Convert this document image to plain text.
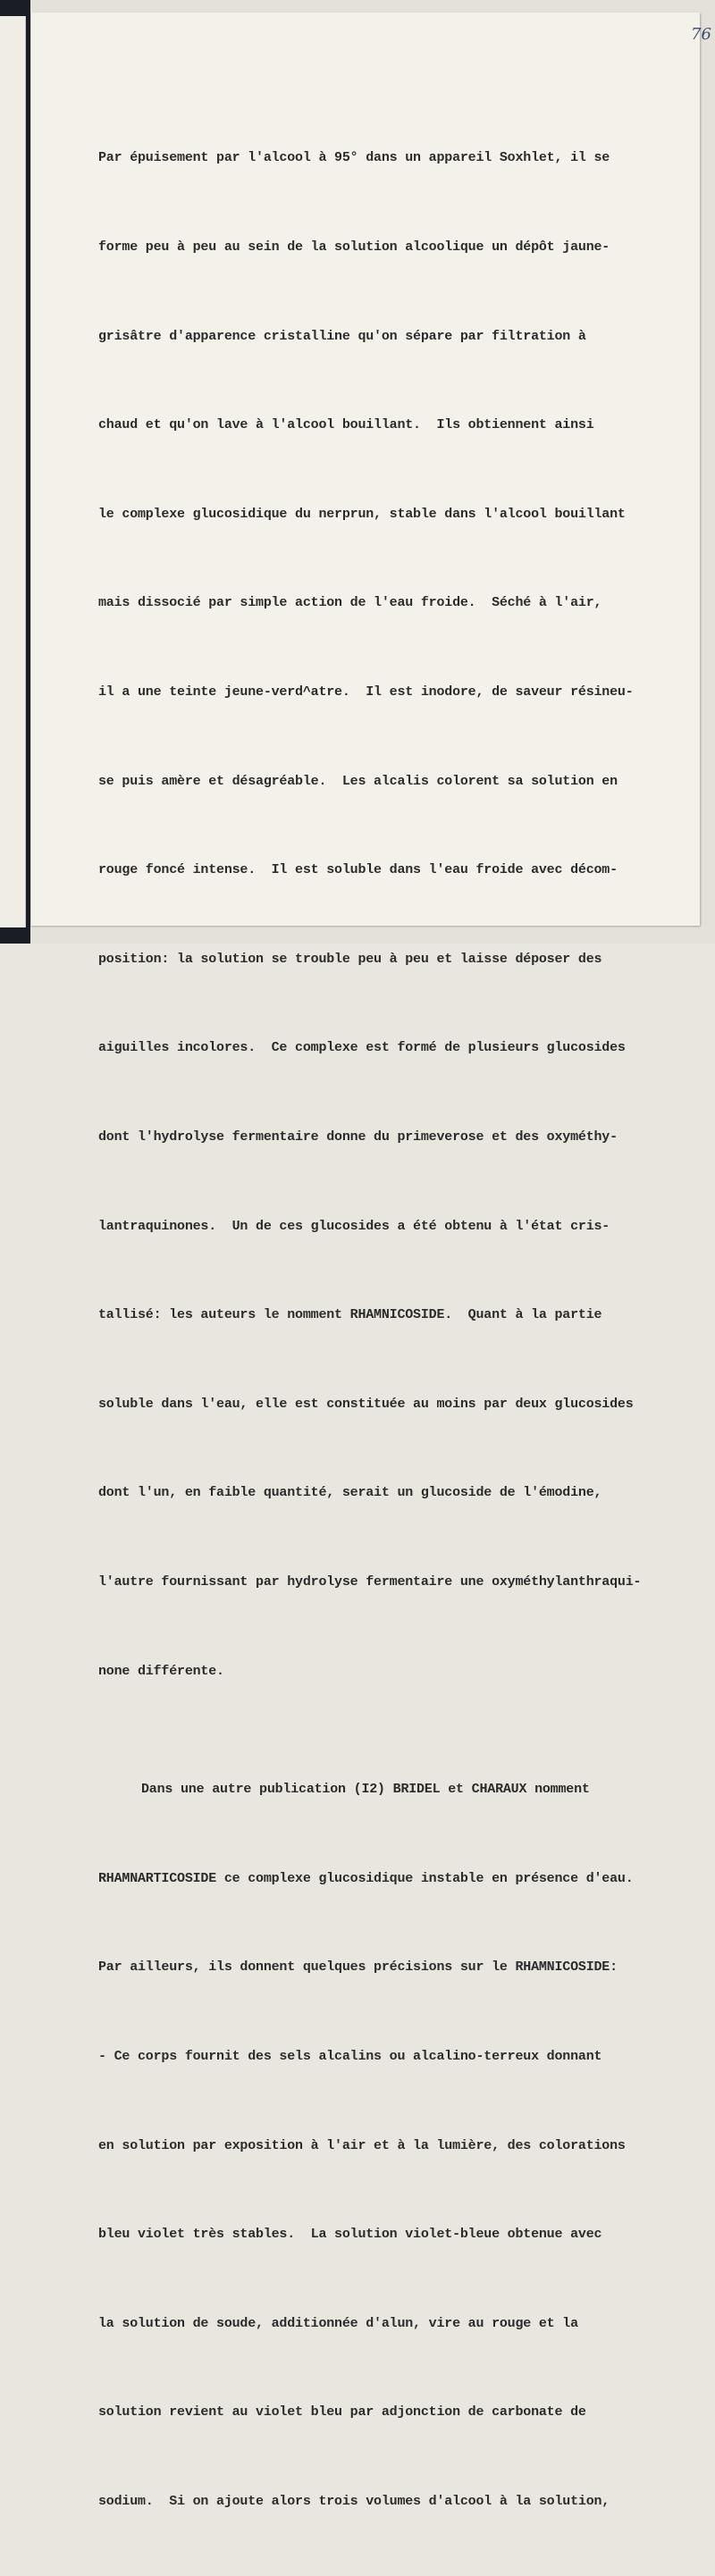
76

Par épuisement par l'alcool à 95° dans un appareil Soxhlet, il se

forme peu à peu au sein de la solution alcoolique un dépôt jaune-

grisâtre d'apparence cristalline qu'on sépare par filtration à

chaud et qu'on lave à l'alcool bouillant.  Ils obtiennent ainsi

le complexe glucosidique du nerprun, stable dans l'alcool bouillant

mais dissocié par simple action de l'eau froide.  Séché à l'air,

il a une teinte jeune-verd^atre.  Il est inodore, de saveur résineu-

se puis amère et désagréable.  Les alcalis colorent sa solution en

rouge foncé intense.  Il est soluble dans l'eau froide avec décom-

position: la solution se trouble peu à peu et laisse déposer des

aiguilles incolores.  Ce complexe est formé de plusieurs glucosides

dont l'hydrolyse fermentaire donne du primeverose et des oxyméthy-

lantraquinones.  Un de ces glucosides a été obtenu à l'état cris-

tallisé: les auteurs le nomment RHAMNICOSIDE.  Quant à la partie

soluble dans l'eau, elle est constituée au moins par deux glucosides

dont l'un, en faible quantité, serait un glucoside de l'émodine,

l'autre fournissant par hydrolyse fermentaire une oxyméthylanthraqui-

none différente.

Dans une autre publication (I2) BRIDEL et CHARAUX nomment

RHAMNARTICOSIDE ce complexe glucosidique instable en présence d'eau.

Par ailleurs, ils donnent quelques précisions sur le RHAMNICOSIDE:

- Ce corps fournit des sels alcalins ou alcalino-terreux donnant

en solution par exposition à l'air et à la lumière, des colorations

bleu violet très stables.  La solution violet-bleue obtenue avec

la solution de soude, additionnée d'alun, vire au rouge et la

solution revient au violet bleu par adjonction de carbonate de

sodium.  Si on ajoute alors trois volumes d'alcool à la solution,
